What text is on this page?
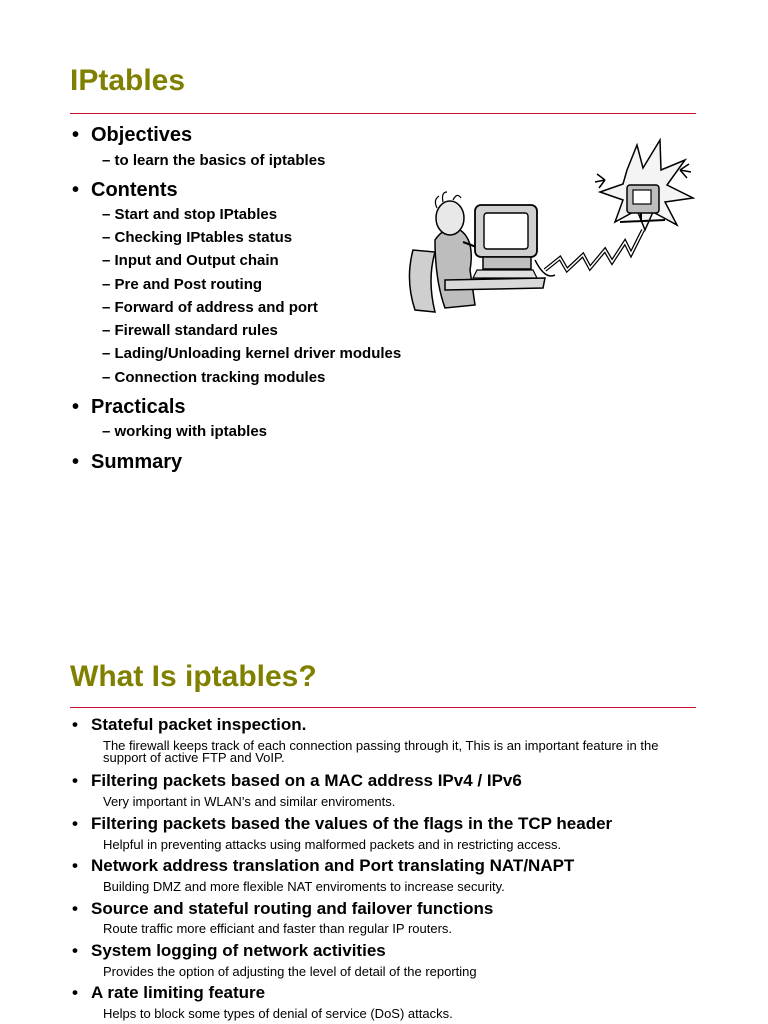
IPtables
• Objectives
– to learn the basics of iptables
• Contents
– Start and stop IPtables
– Checking IPtables status
– Input and Output chain
– Pre and Post routing
– Forward of address and port
– Firewall standard rules
– Lading/Unloading kernel driver modules
– Connection tracking modules
• Practicals
– working with iptables
• Summary
What Is iptables?
• Stateful packet inspection.
The firewall keeps track of each connection passing through it, This is an important feature in the support of active FTP and VoIP.
• Filtering packets based on a MAC address IPv4 / IPv6
Very important in WLAN’s and similar enviroments.
• Filtering packets based the values of the flags in the TCP header
Helpful in preventing attacks using malformed packets and in restricting access.
• Network address translation and Port translating NAT/NAPT
Building DMZ and more flexible NAT enviroments to increase security.
• Source and stateful routing and failover functions
Route traffic more efficiant and faster than regular IP routers.
• System logging of network activities
Provides the option of adjusting the level of detail of the reporting
• A rate limiting feature
Helps to block some types of denial of service (DoS) attacks.
